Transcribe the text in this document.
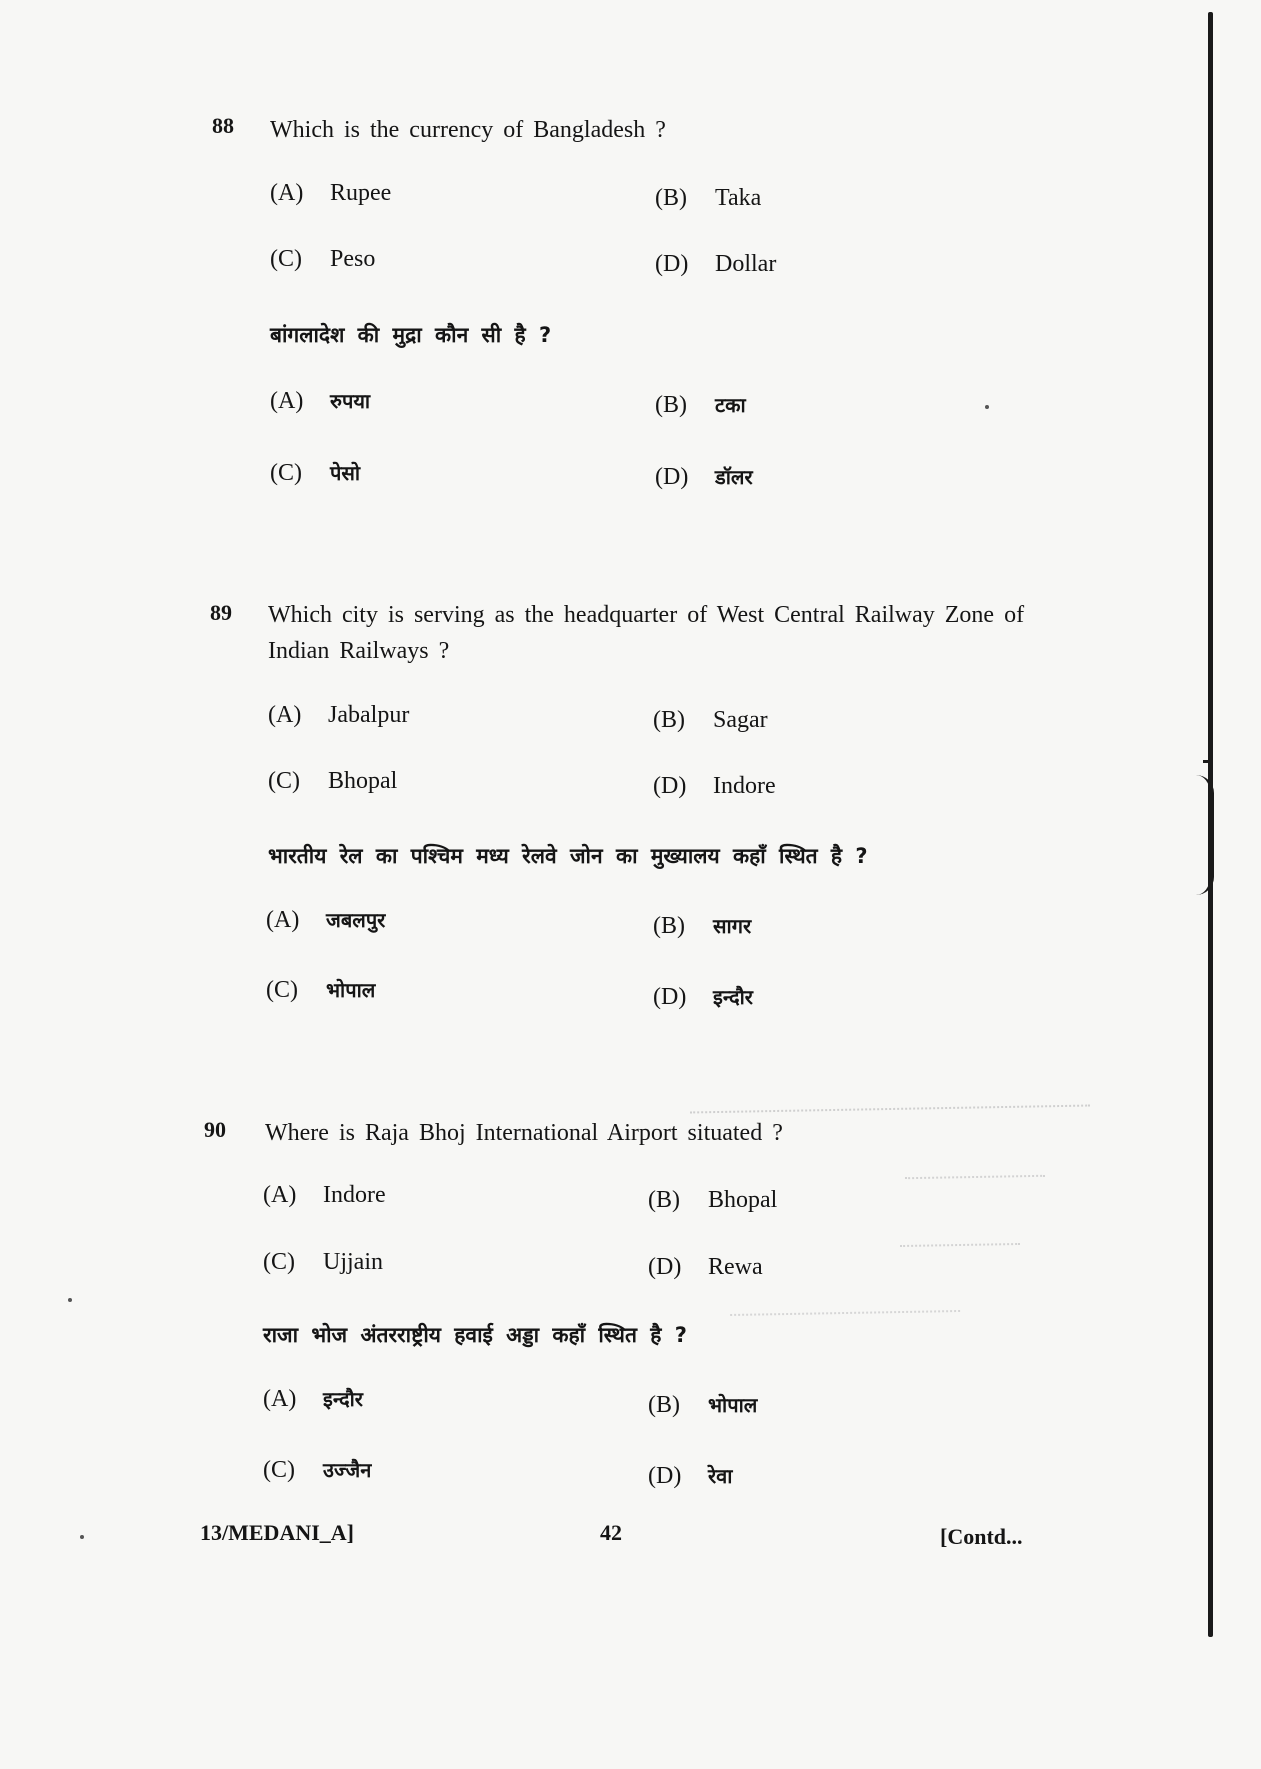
88 Which is the currency of Bangladesh ?
(A) Rupee	(B) Taka
(C) Peso	(D) Dollar
बांगलादेश की मुद्रा कौन सी है ?
(A) रुपया	(B) टका
(C) पेसो	(D) डॉलर
89 Which city is serving as the headquarter of West Central Railway Zone of Indian Railways ?
(A) Jabalpur	(B) Sagar
(C) Bhopal	(D) Indore
भारतीय रेल का पश्चिम मध्य रेलवे जोन का मुख्यालय कहाँ स्थित है ?
(A) जबलपुर	(B) सागर
(C) भोपाल	(D) इन्दौर
90 Where is Raja Bhoj International Airport situated ?
(A) Indore	(B) Bhopal
(C) Ujjain	(D) Rewa
राजा भोज अंतरराष्ट्रीय हवाई अड्डा कहाँ स्थित है ?
(A) इन्दौर	(B) भोपाल
(C) उज्जैन	(D) रेवा
13/MEDANI_A]	42	[Contd...
